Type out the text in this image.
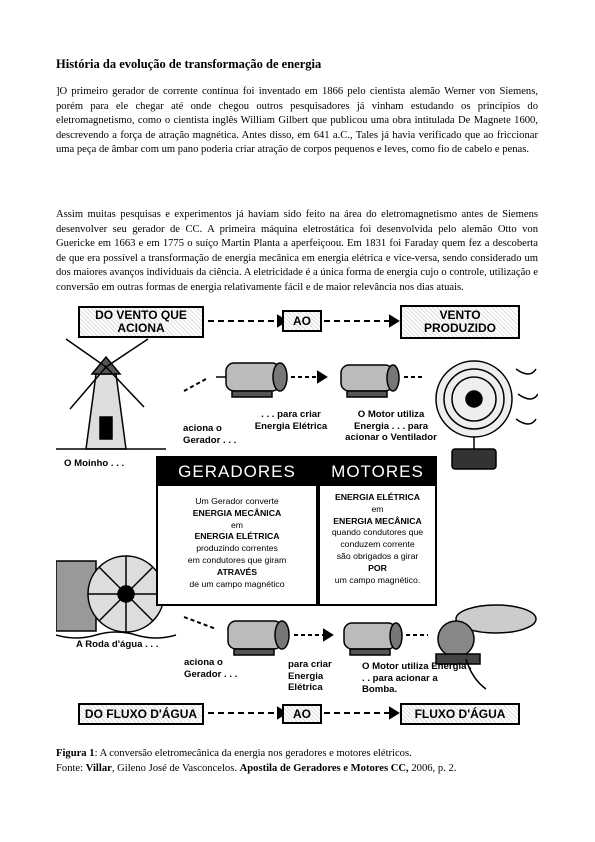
História da evolução de transformação de energia

]O primeiro gerador de corrente contínua foi inventado em 1866 pelo cientista alemão Werner von Siemens, porém para ele chegar até onde chegou outros pesquisadores já vinham estudando os princípios do eletromagnetismo, como o cientista inglês William Gilbert que publicou uma obra intitulada De Magnete 1600, descrevendo a força de atração magnética. Antes disso, em 641 a.C., Tales já havia verificado que ao friccionar uma peça de âmbar com um pano poderia criar atração de corpos pequenos e leves, como fio de cabelo e penas.

Assim muitas pesquisas e experimentos já haviam sido feito na área do eletromagnetismo antes de Siemens desenvolver seu gerador de CC. A primeira máquina eletrostática foi desenvolvida pelo alemão Otto von Guericke em 1663 e em 1775 o suíço Martin Planta a aperfeiçoou. Em 1831 foi Faraday quem fez a descoberta de que era possível a transformação de energia mecânica em energia elétrica e vice-versa, sendo considerado um dos maiores avanços individuais da ciência. A eletricidade é a única forma de energia cujo o controle, utilização e conversão em outras formas de energia relativamente fácil e de maior relevância nos dias atuais.

DO VENTO QUE ACIONA
AO	VENTO PRODUZIDO
O Moinho . . .
aciona o Gerador . . .
. . . para criar Energia Elétrica
O Motor utiliza Energia . . . para acionar o Ventilador
GERADORES	MOTORES
Um Gerador converte
ENERGIA MECÂNICA
em
ENERGIA ELÉTRICA
produzindo correntes
em condutores que giram
ATRAVÉS
de um campo magnético
ENERGIA ELÉTRICA
em
ENERGIA MECÂNICA
quando condutores que
conduzem corrente
são obrigados a girar
POR
um campo magnético.
A Roda d'água . . .
aciona o Gerador . . .
para criar Energia Elétrica
O Motor utiliza Energia . . . para acionar a Bomba.
DO FLUXO D'ÁGUA	AO	FLUXO D'ÁGUA
Figura 1: A conversão eletromecânica da energia nos geradores e motores elétricos.
Fonte: Villar, Gileno José de Vasconcelos. Apostila de Geradores e Motores CC, 2006, p. 2.
